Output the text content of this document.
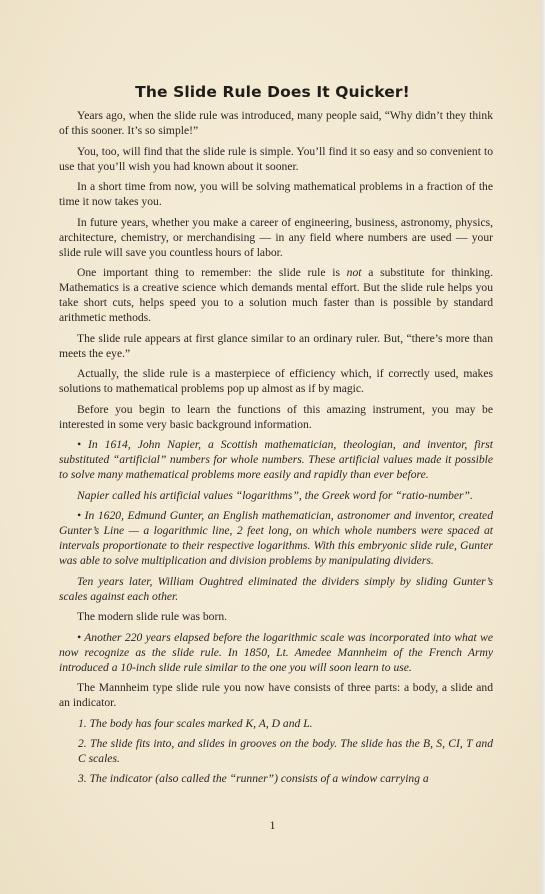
The Slide Rule Does It Quicker!

Years ago, when the slide rule was introduced, many people said, “Why didn’t they think of this sooner. It’s so simple!”

You, too, will find that the slide rule is simple. You’ll find it so easy and so convenient to use that you’ll wish you had known about it sooner.

In a short time from now, you will be solving mathematical problems in a fraction of the time it now takes you.

In future years, whether you make a career of engineering, business, astronomy, physics, architecture, chemistry, or merchandising — in any field where numbers are used — your slide rule will save you countless hours of labor.

One important thing to remember: the slide rule is not a substitute for thinking. Mathematics is a creative science which demands mental effort. But the slide rule helps you take short cuts, helps speed you to a solution much faster than is possible by standard arithmetic methods.

The slide rule appears at first glance similar to an ordinary ruler. But, “there’s more than meets the eye.”

Actually, the slide rule is a masterpiece of efficiency which, if correctly used, makes solutions to mathematical problems pop up almost as if by magic.

Before you begin to learn the functions of this amazing instrument, you may be interested in some very basic background information.

• In 1614, John Napier, a Scottish mathematician, theologian, and inventor, first substituted “artificial” numbers for whole numbers. These artificial values made it possible to solve many mathematical problems more easily and rapidly than ever before.

Napier called his artificial values “logarithms”, the Greek word for “ratio-number”.

• In 1620, Edmund Gunter, an English mathematician, astronomer and inventor, created Gunter’s Line — a logarithmic line, 2 feet long, on which whole numbers were spaced at intervals proportionate to their respective logarithms. With this embryonic slide rule, Gunter was able to solve multiplication and division problems by manipulating dividers.

Ten years later, William Oughtred eliminated the dividers simply by sliding Gunter’s scales against each other.

The modern slide rule was born.

• Another 220 years elapsed before the logarithmic scale was incorporated into what we now recognize as the slide rule. In 1850, Lt. Amedee Mannheim of the French Army introduced a 10-inch slide rule similar to the one you will soon learn to use.

The Mannheim type slide rule you now have consists of three parts: a body, a slide and an indicator.

1. The body has four scales marked K, A, D and L.

2. The slide fits into, and slides in grooves on the body. The slide has the B, S, CI, T and C scales.

3. The indicator (also called the “runner”) consists of a window carrying a

1
